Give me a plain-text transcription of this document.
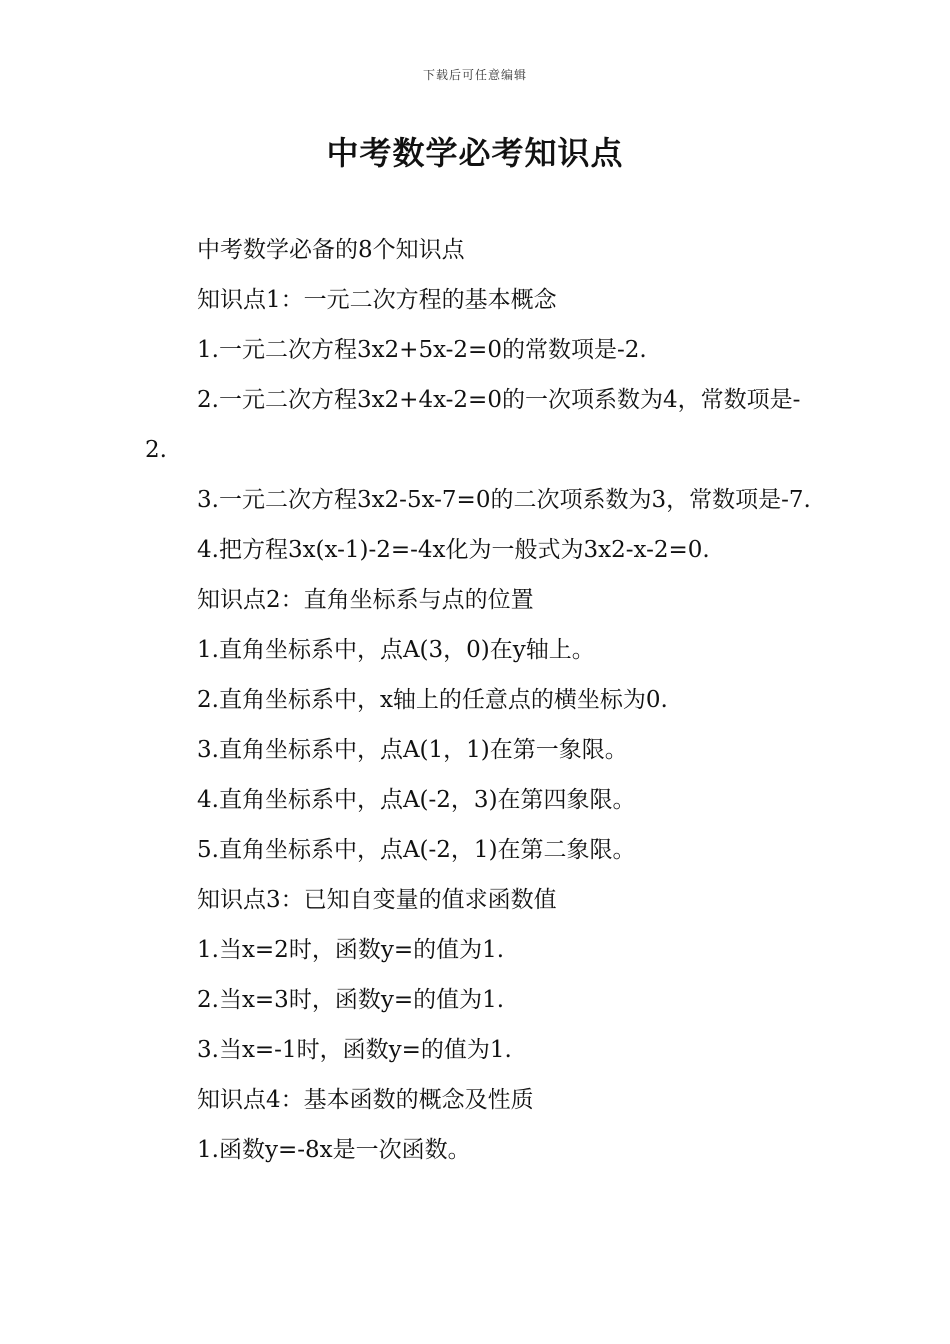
下载后可任意编辑
中考数学必考知识点

中考数学必备的8个知识点

知识点1：一元二次方程的基本概念

1.一元二次方程3x2+5x-2=0的常数项是-2.

2.一元二次方程3x2+4x-2=0的一次项系数为4，常数项是-2.

3.一元二次方程3x2-5x-7=0的二次项系数为3，常数项是-7.

4.把方程3x(x-1)-2=-4x化为一般式为3x2-x-2=0.

知识点2：直角坐标系与点的位置

1.直角坐标系中，点A(3，0)在y轴上。

2.直角坐标系中，x轴上的任意点的横坐标为0.

3.直角坐标系中，点A(1，1)在第一象限。

4.直角坐标系中，点A(-2，3)在第四象限。

5.直角坐标系中，点A(-2，1)在第二象限。

知识点3：已知自变量的值求函数值

1.当x=2时，函数y=的值为1.

2.当x=3时，函数y=的值为1.

3.当x=-1时，函数y=的值为1.

知识点4：基本函数的概念及性质

1.函数y=-8x是一次函数。
